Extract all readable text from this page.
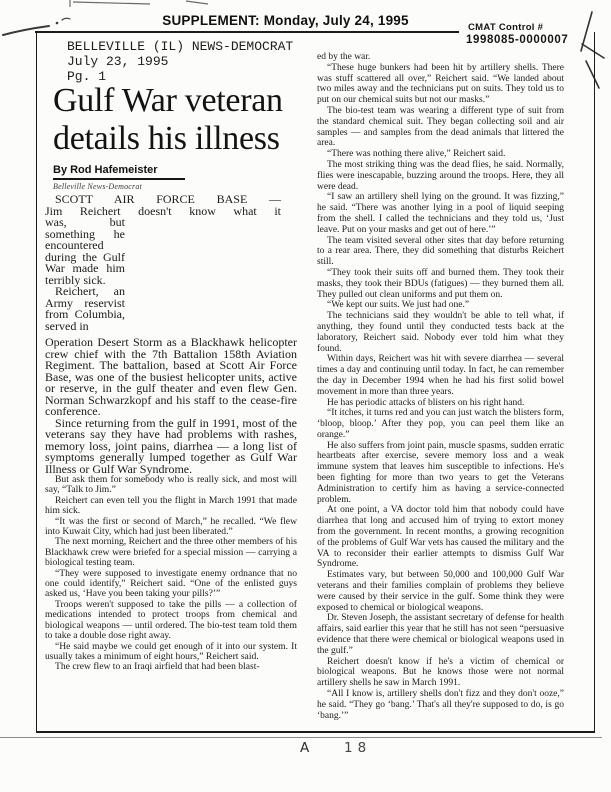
SUPPLEMENT: Monday, July 24, 1995	CMAT Control #
1998085-0000007
BELLEVILLE (IL) NEWS-DEMOCRAT
July 23, 1995
Pg. 1
Gulf War veteran
details his illness
By Rod Hafemeister
Belleville News-Democrat

SCOTT AIR FORCE BASE —

Jim Reichert doesn't know what it

was, but something he encountered during the Gulf War made him terribly sick.

Reichert, an Army reservist from Columbia, served in

Operation Desert Storm as a Blackhawk helicopter crew chief with the 7th Battalion 158th Aviation Regiment. The battalion, based at Scott Air Force Base, was one of the busiest helicopter units, active or reserve, in the gulf theater and even flew Gen. Norman Schwarzkopf and his staff to the cease-fire conference.

Since returning from the gulf in 1991, most of the veterans say they have had problems with rashes, memory loss, joint pains, diarrhea — a long list of symptoms generally lumped together as Gulf War Illness or Gulf War Syndrome.

But ask them for somebody who is really sick, and most will say, “Talk to Jim.”

Reichert can even tell you the flight in March 1991 that made him sick.

“It was the first or second of March,” he recalled. “We flew into Kuwait City, which had just been liberated.”

The next morning, Reichert and the three other members of his Blackhawk crew were briefed for a special mission — carrying a biological testing team.

“They were supposed to investigate enemy ordnance that no one could identify,” Reichert said. “One of the enlisted guys asked us, ‘Have you been taking your pills?’”

Troops weren't supposed to take the pills — a collection of medications intended to protect troops from chemical and biological weapons — until ordered. The bio-test team told them to take a double dose right away.

“He said maybe we could get enough of it into our system. It usually takes a minimum of eight hours,” Reichert said.

The crew flew to an Iraqi airfield that had been blast-

ed by the war.

“These huge bunkers had been hit by artillery shells. There was stuff scattered all over,” Reichert said. “We landed about two miles away and the technicians put on suits. They told us to put on our chemical suits but not our masks.”

The bio-test team was wearing a different type of suit from the standard chemical suit. They began collecting soil and air samples — and samples from the dead animals that littered the area.

“There was nothing there alive,” Reichert said.

The most striking thing was the dead flies, he said. Normally, flies were inescapable, buzzing around the troops. Here, they all were dead.

“I saw an artillery shell lying on the ground. It was fizzing,” he said. “There was another lying in a pool of liquid seeping from the shell. I called the technicians and they told us, ‘Just leave. Put on your masks and get out of here.’”

The team visited several other sites that day before returning to a rear area. There, they did something that disturbs Reichert still.

“They took their suits off and burned them. They took their masks, they took their BDUs (fatigues) — they burned them all. They pulled out clean uniforms and put them on.

“We kept our suits. We just had one.”

The technicians said they wouldn't be able to tell what, if anything, they found until they conducted tests back at the laboratory, Reichert said. Nobody ever told him what they found.

Within days, Reichert was hit with severe diarrhea — several times a day and continuing until today. In fact, he can remember the day in December 1994 when he had his first solid bowel movement in more than three years.

He has periodic attacks of blisters on his right hand.

“It itches, it turns red and you can just watch the blisters form, ‘bloop, bloop.’ After they pop, you can peel them like an orange.”

He also suffers from joint pain, muscle spasms, sudden erratic heartbeats after exercise, severe memory loss and a weak immune system that leaves him susceptible to infections. He's been fighting for more than two years to get the Veterans Administration to certify him as having a service-connected problem.

At one point, a VA doctor told him that nobody could have diarrhea that long and accused him of trying to extort money from the government. In recent months, a growing recognition of the problems of Gulf War vets has caused the military and the VA to reconsider their earlier attempts to dismiss Gulf War Syndrome.

Estimates vary, but between 50,000 and 100,000 Gulf War veterans and their families complain of problems they believe were caused by their service in the gulf. Some think they were exposed to chemical or biological weapons.

Dr. Steven Joseph, the assistant secretary of defense for health affairs, said earlier this year that he still has not seen “persuasive evidence that there were chemical or biological weapons used in the gulf.”

Reichert doesn't know if he's a victim of chemical or biological weapons. But he knows those were not normal artillery shells he saw in March 1991.

“All I know is, artillery shells don't fizz and they don't ooze,” he said. “They go ‘bang.’ That's all they're supposed to do, is go ‘bang.’”

A	18
